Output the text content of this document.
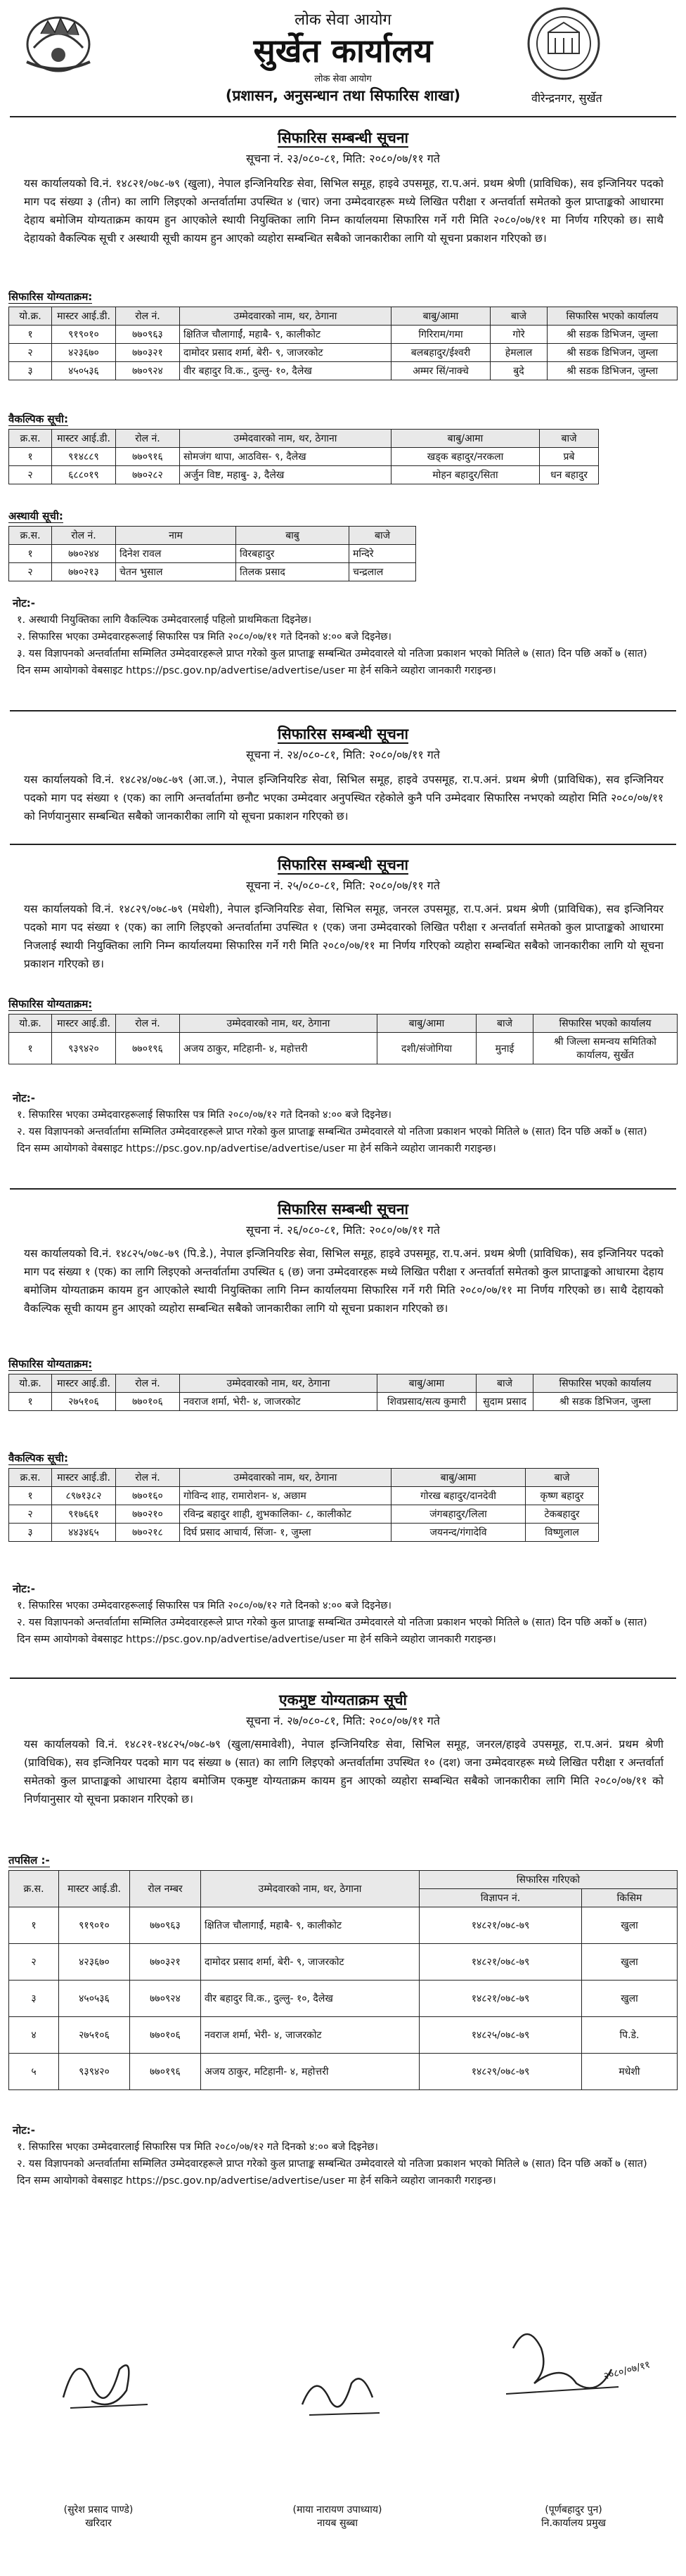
लोक सेवा आयोग
सुर्खेत कार्यालय
लोक सेवा आयोग
(प्रशासन, अनुसन्धान तथा सिफारिस शाखा)	वीरेन्द्रनगर, सुर्खेत
सिफारिस सम्बन्धी सूचना
सूचना नं. २३/०८०-८१, मिति: २०८०/०७/११ गते
यस कार्यालयको वि.नं. १४८२१/०७८-७९ (खुला), नेपाल इन्जिनियरिङ सेवा, सिभिल समूह, हाइवे उपसमूह, रा.प.अनं. प्रथम श्रेणी (प्राविधिक), सव इन्जिनियर पदको माग पद संख्या ३ (तीन) का लागि लिइएको अन्तर्वार्तामा उपस्थित ४ (चार) जना उम्मेदवारहरू मध्ये लिखित परीक्षा र अन्तर्वार्ता समेतको कुल प्राप्ताङ्कको आधारमा देहाय बमोजिम योग्यताक्रम कायम हुन आएकोले स्थायी नियुक्तिका लागि निम्न कार्यालयमा सिफारिस गर्ने गरी मिति २०८०/०७/११ मा निर्णय गरिएको छ। साथै देहायको वैकल्पिक सूची र अस्थायी सूची कायम हुन आएको व्यहोरा सम्बन्धित सबैको जानकारीका लागि यो सूचना प्रकाशन गरिएको छ।
सिफारिस योग्यताक्रम:
यो.क्र.	मास्टर आई.डी.	रोल नं.	उम्मेदवारको नाम, थर, ठेगाना	बाबु/आमा	बाजे	सिफारिस भएको कार्यालय
१	९१९०१०	७७०९६३	क्षितिज चौलागाईं, महाबै- ९, कालीकोट	गिरिराम/गमा	गोरे	श्री सडक डिभिजन, जुम्ला
२	४२३६७०	७७०३२१	दामोदर प्रसाद शर्मा, बेरी- ९, जाजरकोट	बलबहादुर/ईश्वरी	हेमलाल	श्री सडक डिभिजन, जुम्ला
३	४५०५३६	७७०९२४	वीर बहादुर वि.क., दुल्लु- १०, दैलेख	अम्मर सिं/नाक्चे	बुदे	श्री सडक डिभिजन, जुम्ला
वैकल्पिक सूची:
क्र.स.	मास्टर आई.डी.	रोल नं.	उम्मेदवारको नाम, थर, ठेगाना	बाबु/आमा	बाजे
१	९१४८८९	७७०९१६	सोमजंग थापा, आठविस- ९, दैलेख	खड्क बहादुर/नरकला	प्रबे
२	६८८०१९	७७०२८२	अर्जुन विष्ट, महाबु- ३, दैलेख	मोहन बहादुर/सिता	धन बहादुर
अस्थायी सूची:
क्र.स.	रोल नं.	नाम	बाबु	बाजे
१	७७०२४४	दिनेश रावल	विरबहादुर	मन्दिरे
२	७७०२१३	चेतन भुसाल	तिलक प्रसाद	चन्द्रलाल
नोट:-
१. अस्थायी नियुक्तिका लागि वैकल्पिक उम्मेदवारलाई पहिलो प्राथमिकता दिइनेछ।
२. सिफारिस भएका उम्मेदवारहरूलाई सिफारिस पत्र मिति २०८०/०७/११ गते दिनको ४:०० बजे दिइनेछ।
३. यस विज्ञापनको अन्तर्वार्तामा सम्मिलित उम्मेदवारहरूले प्राप्त गरेको कुल प्राप्ताङ्क सम्बन्धित उम्मेदवारले यो नतिजा प्रकाशन भएको मितिले ७ (सात) दिन पछि अर्को ७ (सात) दिन सम्म आयोगको वेबसाइट https://psc.gov.np/advertise/advertise/user मा हेर्न सकिने व्यहोरा जानकारी गराइन्छ।
सिफारिस सम्बन्धी सूचना
सूचना नं. २४/०८०-८१, मिति: २०८०/०७/११ गते
यस कार्यालयको वि.नं. १४८२४/०७८-७९ (आ.ज.), नेपाल इन्जिनियरिङ सेवा, सिभिल समूह, हाइवे उपसमूह, रा.प.अनं. प्रथम श्रेणी (प्राविधिक), सव इन्जिनियर पदको माग पद संख्या १ (एक) का लागि अन्तर्वार्तामा छनौट भएका उम्मेदवार अनुपस्थित रहेकोले कुनै पनि उम्मेदवार सिफारिस नभएको व्यहोरा मिति २०८०/०७/११ को निर्णयानुसार सम्बन्धित सबैको जानकारीका लागि यो सूचना प्रकाशन गरिएको छ।
सिफारिस सम्बन्धी सूचना
सूचना नं. २५/०८०-८१, मिति: २०८०/०७/११ गते
यस कार्यालयको वि.नं. १४८२९/०७८-७९ (मधेशी), नेपाल इन्जिनियरिङ सेवा, सिभिल समूह, जनरल उपसमूह, रा.प.अनं. प्रथम श्रेणी (प्राविधिक), सव इन्जिनियर पदको माग पद संख्या १ (एक) का लागि लिइएको अन्तर्वार्तामा उपस्थित १ (एक) जना उम्मेदवारको लिखित परीक्षा र अन्तर्वार्ता समेतको कुल प्राप्ताङ्कको आधारमा निजलाई स्थायी नियुक्तिका लागि निम्न कार्यालयमा सिफारिस गर्ने गरी मिति २०८०/०७/११ मा निर्णय गरिएको व्यहोरा सम्बन्धित सबैको जानकारीका लागि यो सूचना प्रकाशन गरिएको छ।
सिफारिस योग्यताक्रम:
यो.क्र.	मास्टर आई.डी.	रोल नं.	उम्मेदवारको नाम, थर, ठेगाना	बाबु/आमा	बाजे	सिफारिस भएको कार्यालय
१	९३९४२०	७७०१९६	अजय ठाकुर, मटिहानी- ४, महोत्तरी	दशी/संजोगिया	मुनाई	श्री जिल्ला समन्वय समितिको कार्यालय, सुर्खेत
नोट:-
१. सिफारिस भएका उम्मेदवारहरूलाई सिफारिस पत्र मिति २०८०/०७/१२ गते दिनको ४:०० बजे दिइनेछ।
२. यस विज्ञापनको अन्तर्वार्तामा सम्मिलित उम्मेदवारहरूले प्राप्त गरेको कुल प्राप्ताङ्क सम्बन्धित उम्मेदवारले यो नतिजा प्रकाशन भएको मितिले ७ (सात) दिन पछि अर्को ७ (सात) दिन सम्म आयोगको वेबसाइट https://psc.gov.np/advertise/advertise/user मा हेर्न सकिने व्यहोरा जानकारी गराइन्छ।
सिफारिस सम्बन्धी सूचना
सूचना नं. २६/०८०-८१, मिति: २०८०/०७/११ गते
यस कार्यालयको वि.नं. १४८२५/०७८-७९ (पि.डे.), नेपाल इन्जिनियरिङ सेवा, सिभिल समूह, हाइवे उपसमूह, रा.प.अनं. प्रथम श्रेणी (प्राविधिक), सव इन्जिनियर पदको माग पद संख्या १ (एक) का लागि लिइएको अन्तर्वार्तामा उपस्थित ६ (छ) जना उम्मेदवारहरू मध्ये लिखित परीक्षा र अन्तर्वार्ता समेतको कुल प्राप्ताङ्कको आधारमा देहाय बमोजिम योग्यताक्रम कायम हुन आएकोले स्थायी नियुक्तिका लागि निम्न कार्यालयमा सिफारिस गर्ने गरी मिति २०८०/०७/११ मा निर्णय गरिएको छ। साथै देहायको वैकल्पिक सूची कायम हुन आएको व्यहोरा सम्बन्धित सबैको जानकारीका लागि यो सूचना प्रकाशन गरिएको छ।
सिफारिस योग्यताक्रम:
यो.क्र.	मास्टर आई.डी.	रोल नं.	उम्मेदवारको नाम, थर, ठेगाना	बाबु/आमा	बाजे	सिफारिस भएको कार्यालय
१	२७५१०६	७७०१०६	नवराज शर्मा, भेरी- ४, जाजरकोट	शिवप्रसाद/सत्य कुमारी	सुदाम प्रसाद	श्री सडक डिभिजन, जुम्ला
वैकल्पिक सूची:
क्र.स.	मास्टर आई.डी.	रोल नं.	उम्मेदवारको नाम, थर, ठेगाना	बाबु/आमा	बाजे
१	८९७१३८२	७७०१६०	गोविन्द शाह, रामारोशन- ४, अछाम	गोरख बहादुर/दानदेवी	कृष्ण बहादुर
२	९१७६६१	७७०२१०	रविन्द्र बहादुर शाही, शुभकालिका- ८, कालीकोट	जंगबहादुर/लिला	टेकबहादुर
३	४४३४६५	७७०२१८	दिर्घ प्रसाद आचार्य, सिंजा- १, जुम्ला	जयनन्द/गंगादेवि	विष्णुलाल
नोट:-
१. सिफारिस भएका उम्मेदवारहरूलाई सिफारिस पत्र मिति २०८०/०७/१२ गते दिनको ४:०० बजे दिइनेछ।
२. यस विज्ञापनको अन्तर्वार्तामा सम्मिलित उम्मेदवारहरूले प्राप्त गरेको कुल प्राप्ताङ्क सम्बन्धित उम्मेदवारले यो नतिजा प्रकाशन भएको मितिले ७ (सात) दिन पछि अर्को ७ (सात) दिन सम्म आयोगको वेबसाइट https://psc.gov.np/advertise/advertise/user मा हेर्न सकिने व्यहोरा जानकारी गराइन्छ।
एकमुष्ट योग्यताक्रम सूची
सूचना नं. २७/०८०-८१, मिति: २०८०/०७/११ गते
यस कार्यालयको वि.नं. १४८२१-१४८२५/०७८-७९ (खुला/समावेशी), नेपाल इन्जिनियरिङ सेवा, सिभिल समूह, जनरल/हाइवे उपसमूह, रा.प.अनं. प्रथम श्रेणी (प्राविधिक), सव इन्जिनियर पदको माग पद संख्या ७ (सात) का लागि लिइएको अन्तर्वार्तामा उपस्थित १० (दश) जना उम्मेदवारहरू मध्ये लिखित परीक्षा र अन्तर्वार्ता समेतको कुल प्राप्ताङ्कको आधारमा देहाय बमोजिम एकमुष्ट योग्यताक्रम कायम हुन आएको व्यहोरा सम्बन्धित सबैको जानकारीका लागि मिति २०८०/०७/११ को निर्णयानुसार यो सूचना प्रकाशन गरिएको छ।
तपसिल :-
क्र.स.	मास्टर आई.डी.	रोल नम्बर	उम्मेदवारको नाम, थर, ठेगाना	सिफारिस गरिएको	
				विज्ञापन नं.	किसिम
१	९१९०१०	७७०९६३	क्षितिज चौलागाईं, महाबै- ९, कालीकोट	१४८२१/०७८-७९	खुला
२	४२३६७०	७७०३२१	दामोदर प्रसाद शर्मा, बेरी- ९, जाजरकोट	१४८२१/०७८-७९	खुला
३	४५०५३६	७७०९२४	वीर बहादुर वि.क., दुल्लु- १०, दैलेख	१४८२१/०७८-७९	खुला
४	२७५१०६	७७०१०६	नवराज शर्मा, भेरी- ४, जाजरकोट	१४८२५/०७८-७९	पि.डे.
५	९३९४२०	७७०१९६	अजय ठाकुर, मटिहानी- ४, महोत्तरी	१४८२९/०७८-७९	मधेशी
नोट:-
१. सिफारिस भएका उम्मेदवारलाई सिफारिस पत्र मिति २०८०/०७/१२ गते दिनको ४:०० बजे दिइनेछ।
२. यस विज्ञापनको अन्तर्वार्तामा सम्मिलित उम्मेदवारहरूले प्राप्त गरेको कुल प्राप्ताङ्क सम्बन्धित उम्मेदवारले यो नतिजा प्रकाशन भएको मितिले ७ (सात) दिन पछि अर्को ७ (सात) दिन सम्म आयोगको वेबसाइट https://psc.gov.np/advertise/advertise/user मा हेर्न सकिने व्यहोरा जानकारी गराइन्छ।
२०८०/०७/११
(सुरेश प्रसाद पाण्डे)
खरिदार
(माया नारायण उपाध्याय)
नायब सुब्बा
(पूर्णबहादुर पुन)
नि.कार्यालय प्रमुख
